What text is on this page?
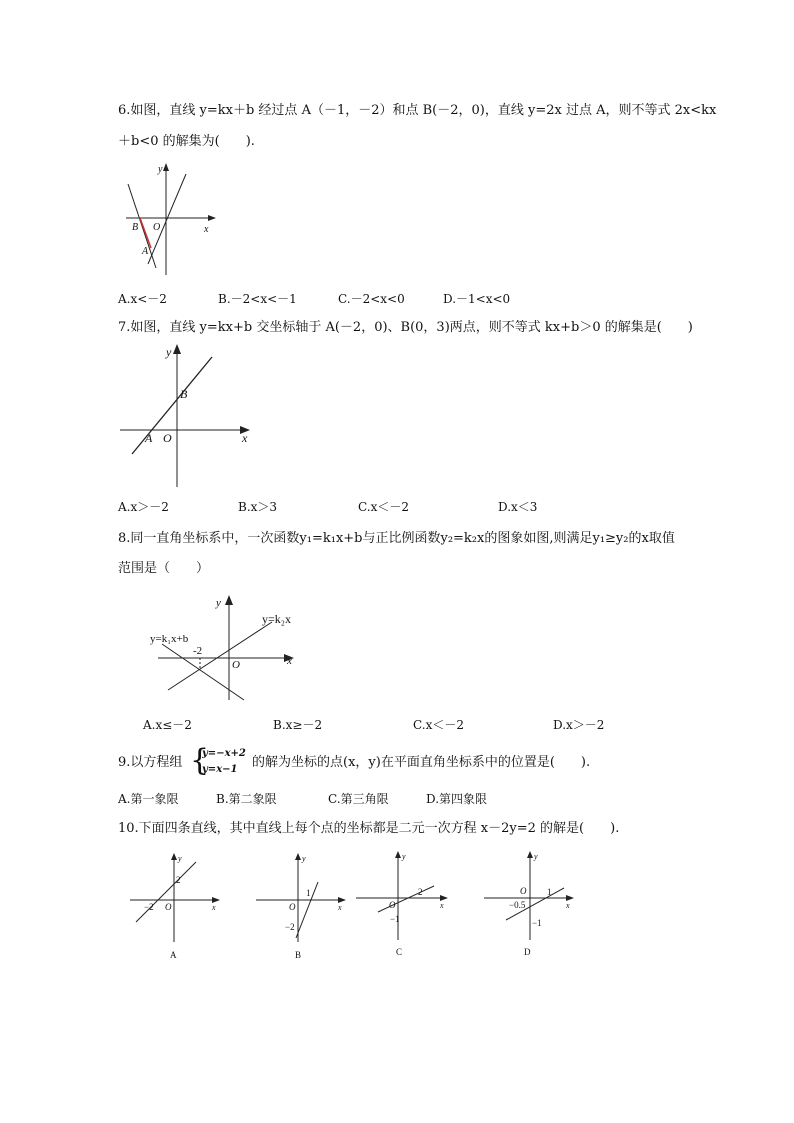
6.如图，直线 y=kx＋b 经过点 A（－1，－2）和点 B(－2，0)，直线 y=2x 过点 A，则不等式 2x<kx
＋b<0 的解集为(　　).
y
x
O
B
A
A.x<－2	B.－2<x<－1	C.－2<x<0	D.－1<x<0
7.如图，直线 y=kx+b 交坐标轴于 A(－2，0)、B(0，3)两点，则不等式 kx+b＞0 的解集是(　　)
y
x
O
A
B
A.x＞－2	B.x＞3	C.x＜－2	D.x＜3
8.同一直角坐标系中，一次函数y₁=k₁x+b与正比例函数y₂=k₂x的图象如图,则满足y₁≥y₂的x取值
范围是（　　）
y
x
O
-2
y=k₁x+b
y=k₂x
A.x≤－2	B.x≥－2	C.x＜－2	D.x＞－2
9.以方程组 {
y=−x+2
y=x−1 的解为坐标的点(x，y)在平面直角坐标系中的位置是(　　).
A.第一象限	B.第二象限	C.第三角限	D.第四象限
10.下面四条直线，其中直线上每个点的坐标都是二元一次方程 x－2y=2 的解是(　　).
y
x
O
2
−2
A
y
x
O
1
−2
B
y
x
O
2
−1
C
y
x
O 1
−0.5
−1
D
